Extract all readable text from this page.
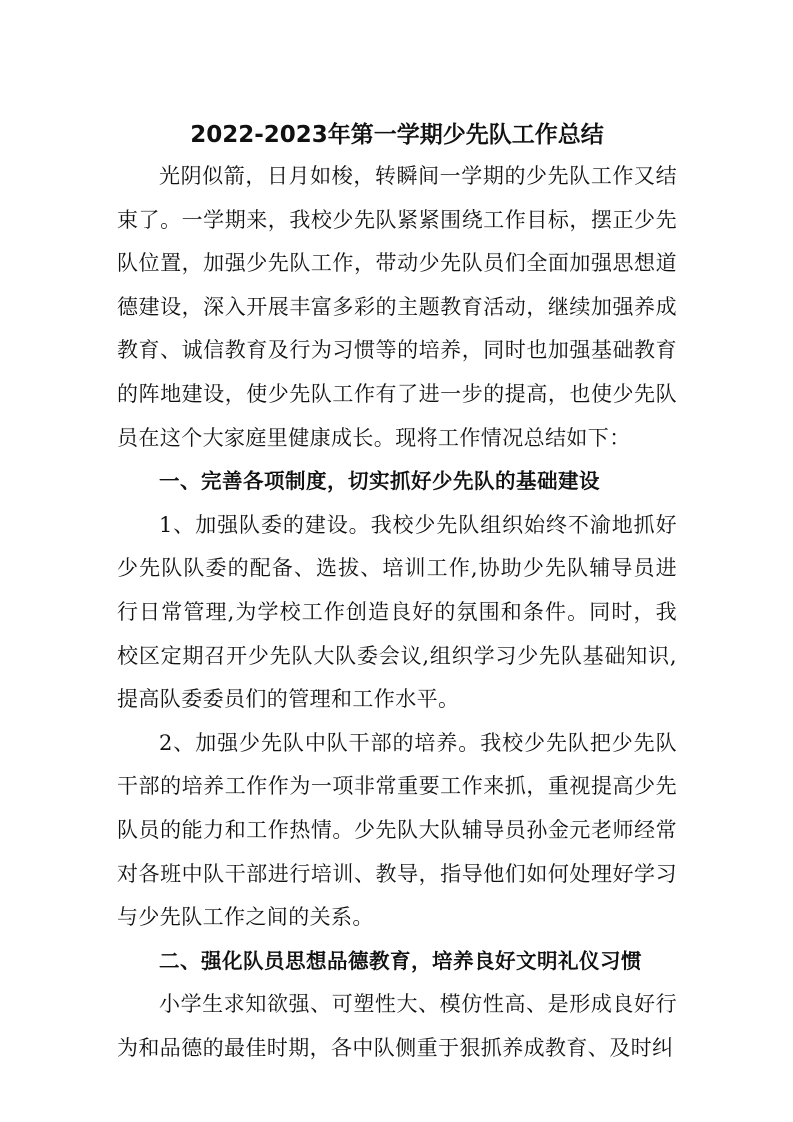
2022-2023年第一学期少先队工作总结

光阴似箭，日月如梭，转瞬间一学期的少先队工作又结束了。一学期来，我校少先队紧紧围绕工作目标，摆正少先队位置，加强少先队工作，带动少先队员们全面加强思想道德建设，深入开展丰富多彩的主题教育活动，继续加强养成教育、诚信教育及行为习惯等的培养，同时也加强基础教育的阵地建设，使少先队工作有了进一步的提高，也使少先队员在这个大家庭里健康成长。现将工作情况总结如下：

一、完善各项制度，切实抓好少先队的基础建设

1、加强队委的建设。我校少先队组织始终不渝地抓好少先队队委的配备、选拔、培训工作,协助少先队辅导员进行日常管理,为学校工作创造良好的氛围和条件。同时，我校区定期召开少先队大队委会议,组织学习少先队基础知识,提高队委委员们的管理和工作水平。

2、加强少先队中队干部的培养。我校少先队把少先队干部的培养工作作为一项非常重要工作来抓，重视提高少先队员的能力和工作热情。少先队大队辅导员孙金元老师经常对各班中队干部进行培训、教导，指导他们如何处理好学习与少先队工作之间的关系。

二、强化队员思想品德教育，培养良好文明礼仪习惯

小学生求知欲强、可塑性大、模仿性高、是形成良好行为和品德的最佳时期，各中队侧重于狠抓养成教育、及时纠
